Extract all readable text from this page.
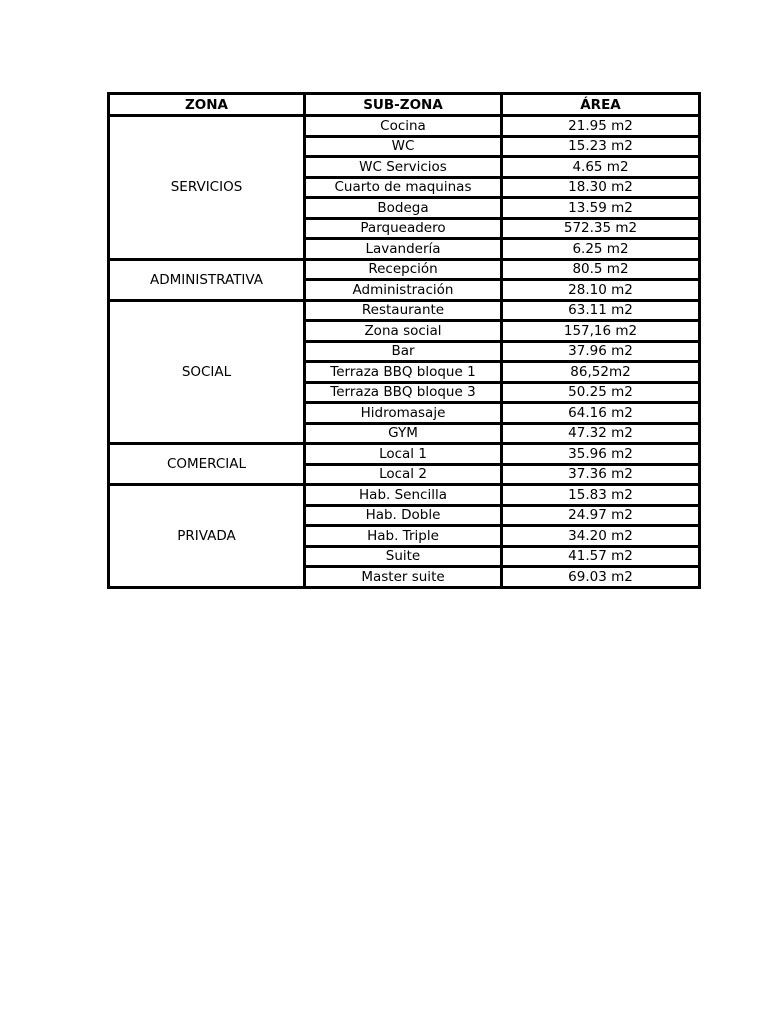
ZONA	SUB-ZONA	ÁREA
SERVICIOS	Cocina	21.95 m2
	WC	15.23 m2
	WC Servicios	4.65 m2
	Cuarto de maquinas	18.30 m2
	Bodega	13.59 m2
	Parqueadero	572.35 m2
	Lavandería	6.25 m2
ADMINISTRATIVA	Recepción	80.5 m2
	Administración	28.10 m2
SOCIAL	Restaurante	63.11 m2
	Zona social	157,16 m2
	Bar	37.96 m2
	Terraza BBQ bloque 1	86,52m2
	Terraza BBQ bloque 3	50.25 m2
	Hidromasaje	64.16 m2
	GYM	47.32 m2
COMERCIAL	Local 1	35.96 m2
	Local 2	37.36 m2
PRIVADA	Hab. Sencilla	15.83 m2
	Hab. Doble	24.97 m2
	Hab. Triple	34.20 m2
	Suite	41.57 m2
	Master suite	69.03 m2
